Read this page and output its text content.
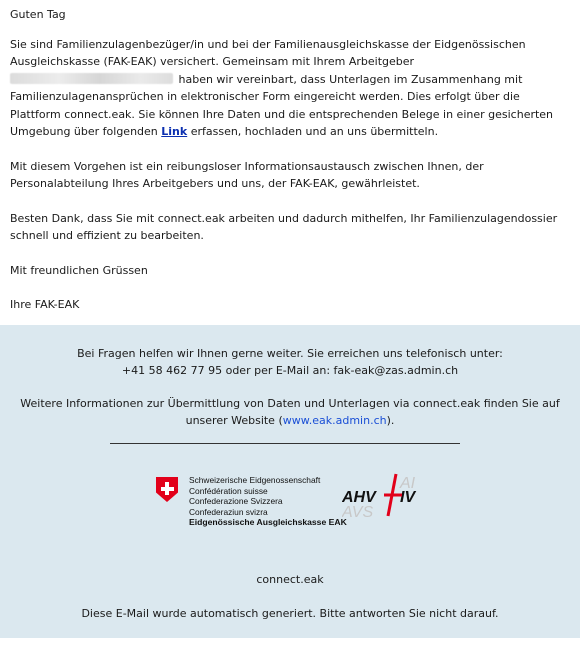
Guten Tag

Sie sind Familienzulagenbezüger/in und bei der Familienausgleichskasse der Eidgenössischen Ausgleichskasse (FAK-EAK) versichert. Gemeinsam mit Ihrem Arbeitgeber
haben wir vereinbart, dass Unterlagen im Zusammenhang mit Familienzulagenansprüchen in elektronischer Form eingereicht werden. Dies erfolgt über die Plattform connect.eak. Sie können Ihre Daten und die entsprechenden Belege in einer gesicherten Umgebung über folgenden Link erfassen, hochladen und an uns übermitteln.

Mit diesem Vorgehen ist ein reibungsloser Informationsaustausch zwischen Ihnen, der Personalabteilung Ihres Arbeitgebers und uns, der FAK-EAK, gewährleistet.

Besten Dank, dass Sie mit connect.eak arbeiten und dadurch mithelfen, Ihr Familienzulagendossier schnell und effizient zu bearbeiten.

Mit freundlichen Grüssen

Ihre FAK-EAK

Bei Fragen helfen wir Ihnen gerne weiter. Sie erreichen uns telefonisch unter:

+41 58 462 77 95 oder per E-Mail an: fak-eak@zas.admin.ch

Weitere Informationen zur Übermittlung von Daten und Unterlagen via connect.eak finden Sie auf unserer Website (www.eak.admin.ch).

Schweizerische Eidgenossenschaft
Confédération suisse
Confederazione Svizzera
Confederaziun svizra
Eidgenössische Ausgleichskasse EAK
AI
AHV
AVS
IV

connect.eak

Diese E-Mail wurde automatisch generiert. Bitte antworten Sie nicht darauf.
